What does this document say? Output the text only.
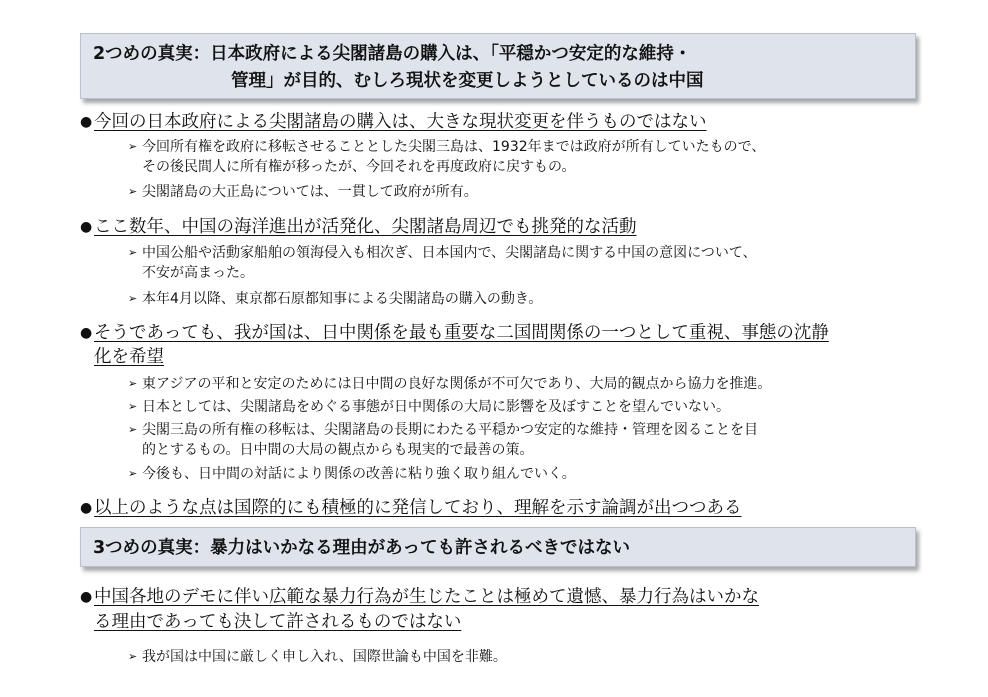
2つめの真実：日本政府による尖閣諸島の購入は、「平穏かつ安定的な維持・
管理」が目的、むしろ現状を変更しようとしているのは中国
● 今回の日本政府による尖閣諸島の購入は、大きな現状変更を伴うものではない
➢ 今回所有権を政府に移転させることとした尖閣三島は、1932年までは政府が所有していたもので、
その後民間人に所有権が移ったが、今回それを再度政府に戻すもの。
➢ 尖閣諸島の大正島については、一貫して政府が所有。
● ここ数年、中国の海洋進出が活発化、尖閣諸島周辺でも挑発的な活動
➢ 中国公船や活動家船舶の領海侵入も相次ぎ、日本国内で、尖閣諸島に関する中国の意図について、
不安が高まった。
➢ 本年4月以降、東京都石原都知事による尖閣諸島の購入の動き。
● そうであっても、我が国は、日中関係を最も重要な二国間関係の一つとして重視、事態の沈静
化を希望
➢ 東アジアの平和と安定のためには日中間の良好な関係が不可欠であり、大局的観点から協力を推進。
➢ 日本としては、尖閣諸島をめぐる事態が日中関係の大局に影響を及ぼすことを望んでいない。
➢ 尖閣三島の所有権の移転は、尖閣諸島の長期にわたる平穏かつ安定的な維持・管理を図ることを目
的とするもの。日中間の大局の観点からも現実的で最善の策。
➢ 今後も、日中間の対話により関係の改善に粘り強く取り組んでいく。
● 以上のような点は国際的にも積極的に発信しており、理解を示す論調が出つつある
3つめの真実：暴力はいかなる理由があっても許されるべきではない
● 中国各地のデモに伴い広範な暴力行為が生じたことは極めて遺憾、暴力行為はいかな
る理由であっても決して許されるものではない
➢ 我が国は中国に厳しく申し入れ、国際世論も中国を非難。
